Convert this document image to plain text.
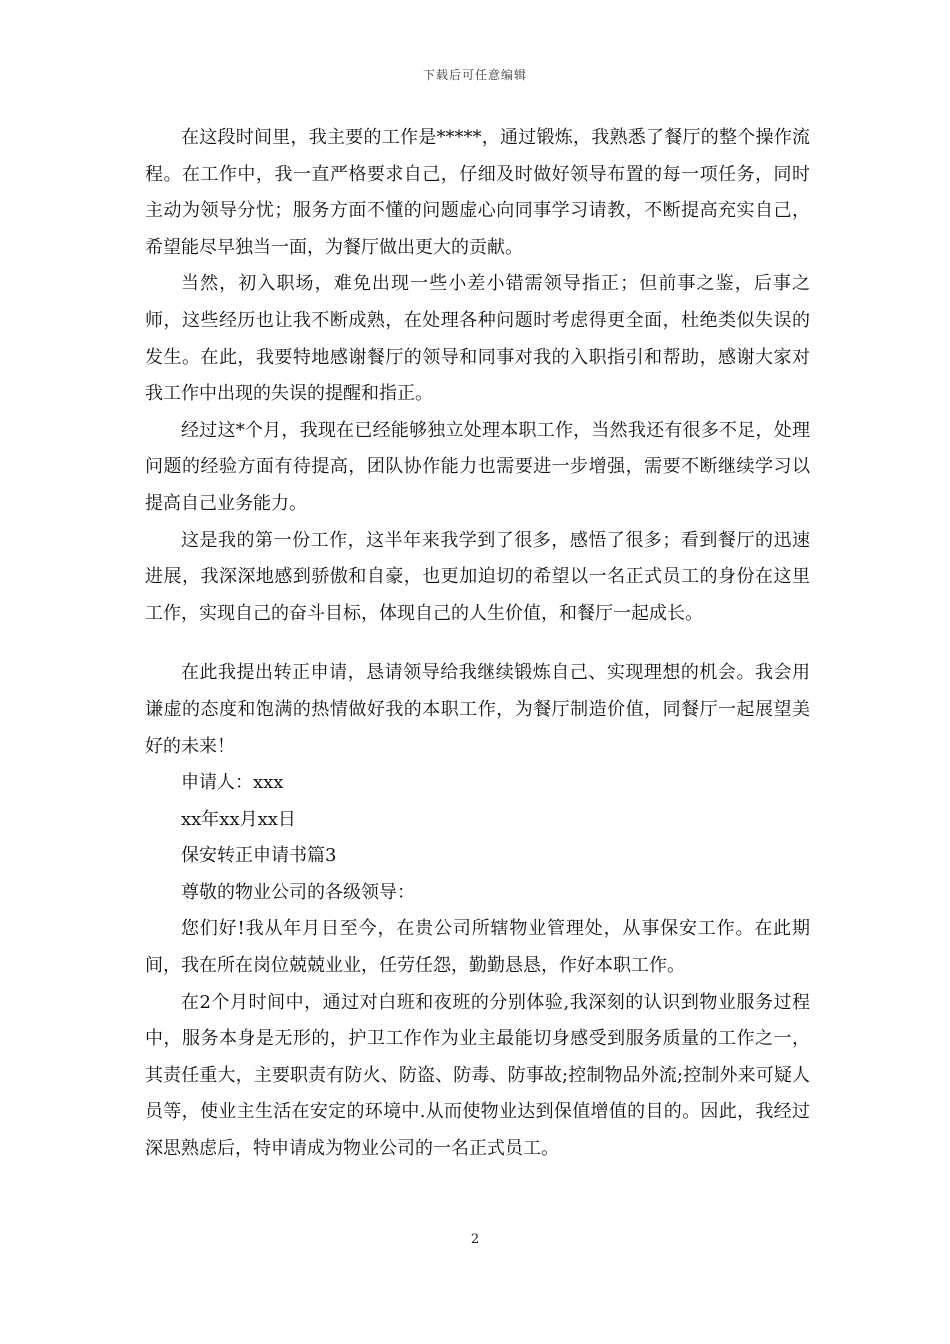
下载后可任意编辑

在这段时间里，我主要的工作是*****，通过锻炼，我熟悉了餐厅的整个操作流程。在工作中，我一直严格要求自己，仔细及时做好领导布置的每一项任务，同时主动为领导分忧；服务方面不懂的问题虚心向同事学习请教，不断提高充实自己，希望能尽早独当一面，为餐厅做出更大的贡献。

当然，初入职场，难免出现一些小差小错需领导指正；但前事之鉴，后事之师，这些经历也让我不断成熟，在处理各种问题时考虑得更全面，杜绝类似失误的发生。在此，我要特地感谢餐厅的领导和同事对我的入职指引和帮助，感谢大家对我工作中出现的失误的提醒和指正。

经过这*个月，我现在已经能够独立处理本职工作，当然我还有很多不足，处理问题的经验方面有待提高，团队协作能力也需要进一步增强，需要不断继续学习以提高自己业务能力。

这是我的第一份工作，这半年来我学到了很多，感悟了很多；看到餐厅的迅速进展，我深深地感到骄傲和自豪，也更加迫切的希望以一名正式员工的身份在这里工作，实现自己的奋斗目标，体现自己的人生价值，和餐厅一起成长。

在此我提出转正申请，恳请领导给我继续锻炼自己、实现理想的机会。我会用谦虚的态度和饱满的热情做好我的本职工作，为餐厅制造价值，同餐厅一起展望美好的未来！

申请人：xxx

xx年xx月xx日

保安转正申请书篇3

尊敬的物业公司的各级领导：

您们好!我从年月日至今，在贵公司所辖物业管理处，从事保安工作。在此期间，我在所在岗位兢兢业业，任劳任怨，勤勤恳恳，作好本职工作。

在2个月时间中，通过对白班和夜班的分别体验,我深刻的认识到物业服务过程中，服务本身是无形的，护卫工作作为业主最能切身感受到服务质量的工作之一，其责任重大，主要职责有防火、防盗、防毒、防事故;控制物品外流;控制外来可疑人员等，使业主生活在安定的环境中.从而使物业达到保值增值的目的。因此，我经过深思熟虑后，特申请成为物业公司的一名正式员工。

2
